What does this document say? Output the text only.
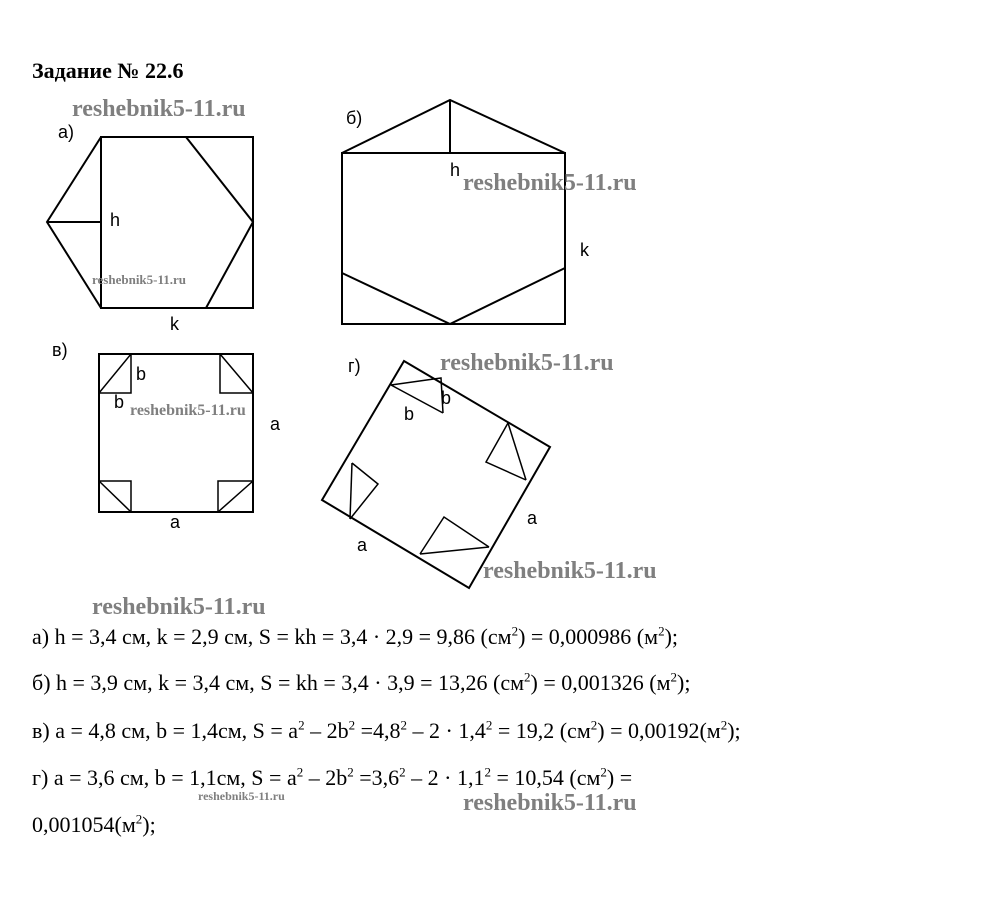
Задание № 22.6
а)
h
k
б)
h
k
в)
b
b
a
a
г)
b
b
a
a
reshebnik5-11.ru
reshebnik5-11.ru
reshebnik5-11.ru
reshebnik5-11.ru
reshebnik5-11.ru
reshebnik5-11.ru
reshebnik5-11.ru
reshebnik5-11.ru	reshebnik5-11.ru
а) h = 3,4 см, k = 2,9 см, S = kh = 3,4 · 2,9 = 9,86 $(см^2) = 0,000986$ $(м^2)$;
б) h = 3,9 см, k = 3,4 см, S = kh = 3,4 · 3,9 = 13,26 $(см^2) = 0,001326$ $(м^2)$;
в) a = 4,8 см, b = 1,4см, $S = a^2 - 2b^2 =4,8^2 - 2 \cdot 1,4^2 = 19,2$ $(см^2) = 0,00192(м^2)$;
г) a = 3,6 см, b = 1,1см, $S = a^2 - 2b^2 =3,6^2 - 2 \cdot 1,1^2 = 10,54$ $(см^2)$ =
$0,001054(м^2)$;
